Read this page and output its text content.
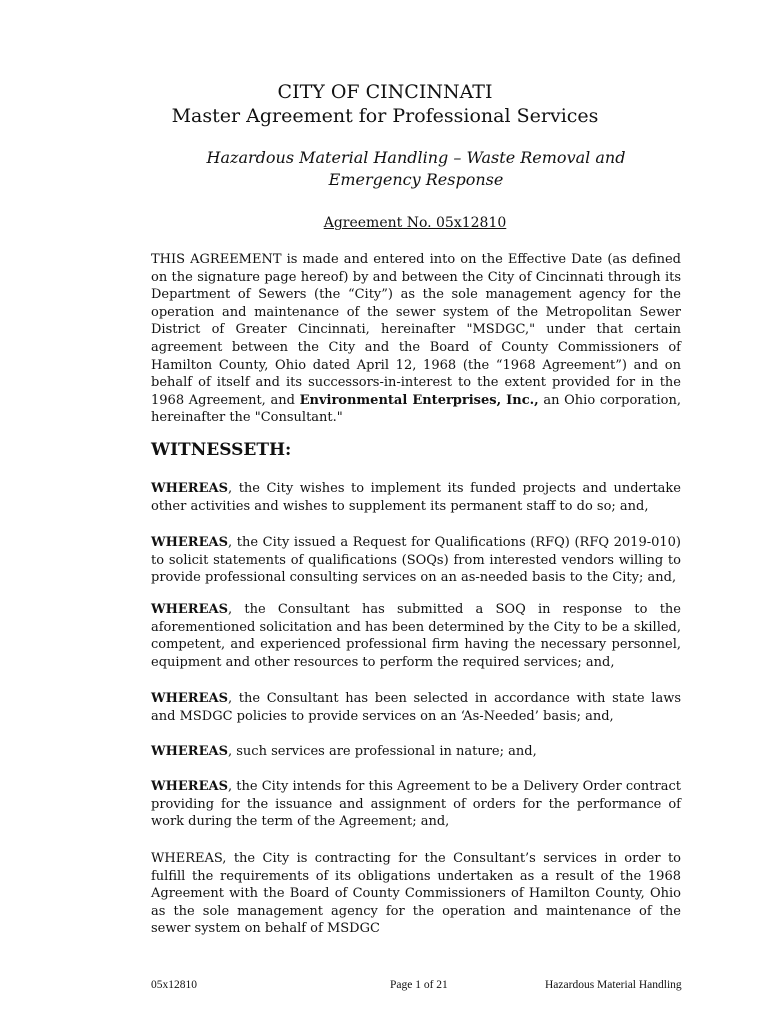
CITY OF CINCINNATI
Master Agreement for Professional Services
Hazardous Material Handling – Waste Removal and Emergency Response
Agreement No. 05x12810
THIS AGREEMENT is made and entered into on the Effective Date (as defined on the signature page hereof) by and between the City of Cincinnati through its Department of Sewers (the “City”) as the sole management agency for the operation and maintenance of the sewer system of the Metropolitan Sewer District of Greater Cincinnati, hereinafter "MSDGC," under that certain agreement between the City and the Board of County Commissioners of Hamilton County, Ohio dated April 12, 1968 (the “1968 Agreement”) and on behalf of itself and its successors-in-interest to the extent provided for in the 1968 Agreement, and Environmental Enterprises, Inc., an Ohio corporation, hereinafter the "Consultant."
WITNESSETH:
WHEREAS, the City wishes to implement its funded projects and undertake other activities and wishes to supplement its permanent staff to do so; and,
WHEREAS, the City issued a Request for Qualifications (RFQ) (RFQ 2019-010) to solicit statements of qualifications (SOQs) from interested vendors willing to provide professional consulting services on an as-needed basis to the City; and,
WHEREAS, the Consultant has submitted a SOQ in response to the aforementioned solicitation and has been determined by the City to be a skilled, competent, and experienced professional firm having the necessary personnel, equipment and other resources to perform the required services; and,
WHEREAS, the Consultant has been selected in accordance with state laws and MSDGC policies to provide services on an ‘As-Needed’ basis; and,
WHEREAS, such services are professional in nature; and,
WHEREAS, the City intends for this Agreement to be a Delivery Order contract providing for the issuance and assignment of orders for the performance of work during the term of the Agreement; and,
WHEREAS, the City is contracting for the Consultant’s services in order to fulfill the requirements of its obligations undertaken as a result of the 1968 Agreement with the Board of County Commissioners of Hamilton County, Ohio as the sole management agency for the operation and maintenance of the sewer system on behalf of MSDGC
05x12810	Page 1 of 21	Hazardous Material Handling
